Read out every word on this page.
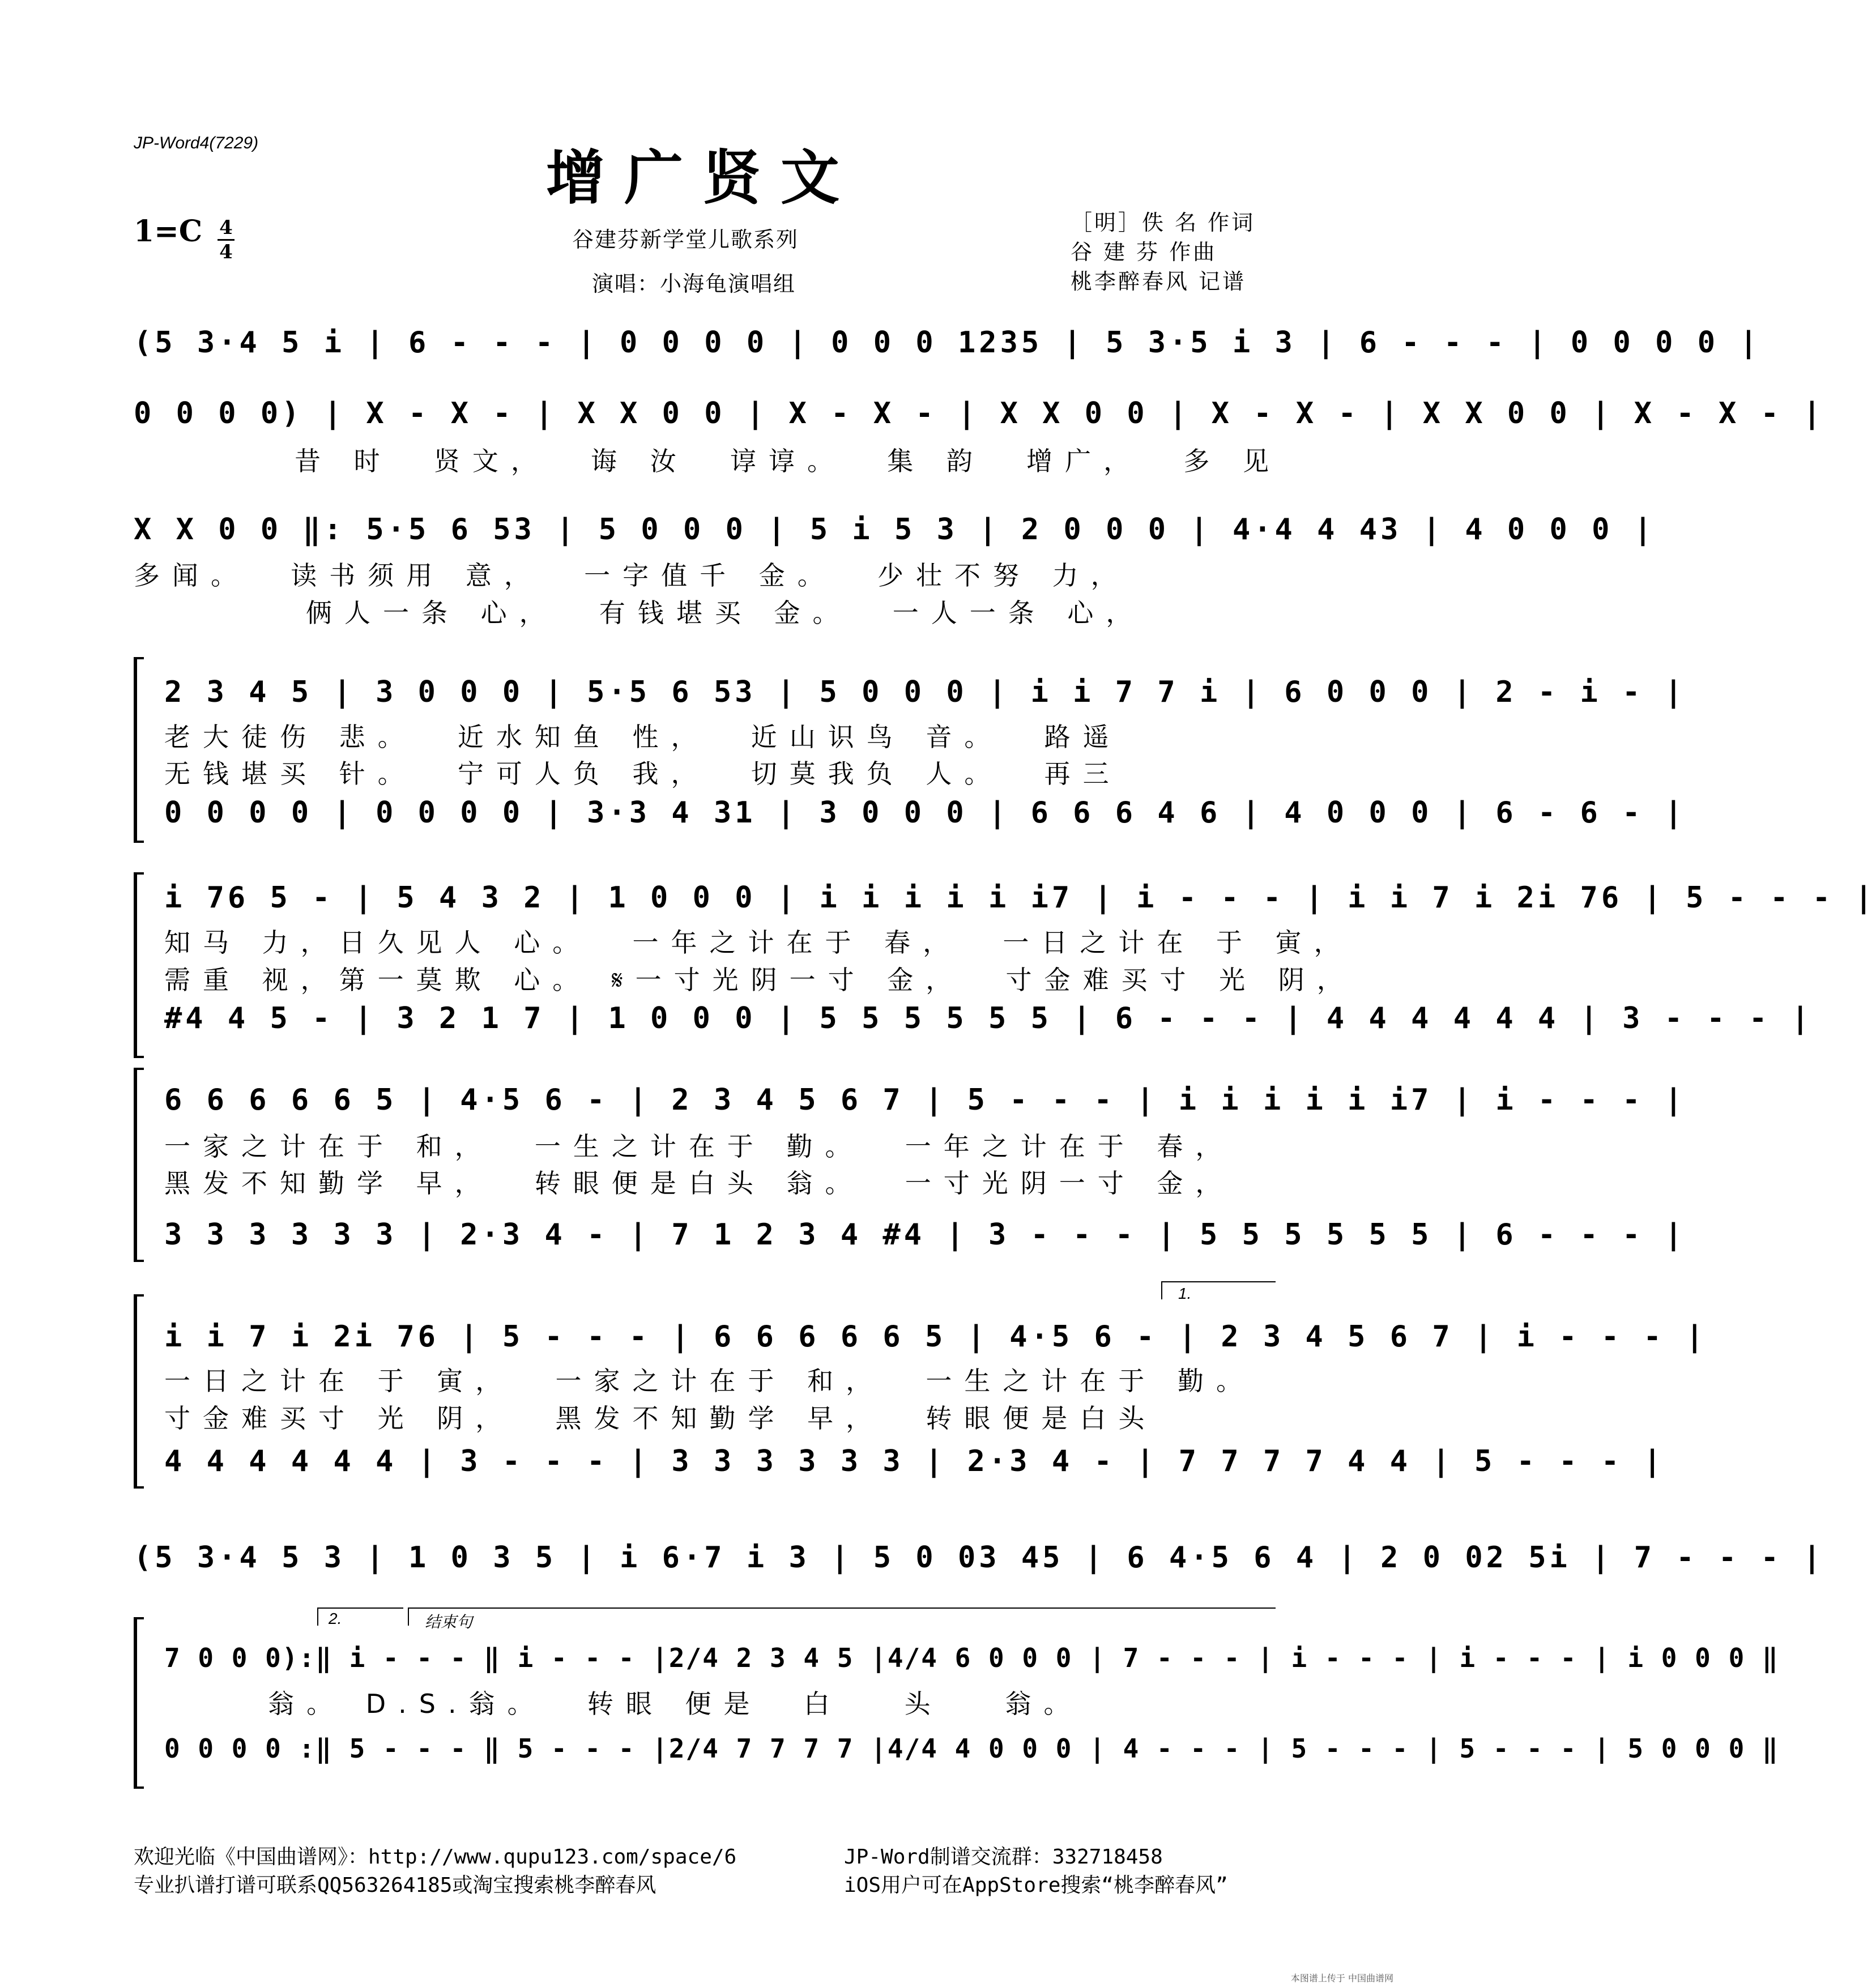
JP-Word4(7229)	增广贤文
1=C 4
4	谷建芬新学堂儿歌系列
演唱：小海龟演唱组
［明］佚 名 作词
谷 建 芬 作曲
桃李醉春风 记谱
(5 3·4 5 i | 6 - - - | 0 0 0 0 | 0 0 0 1235 | 5 3·5 i 3 | 6 - - - | 0 0 0 0 |
0 0 0 0) | X - X - | X X 0 0 | X - X - | X X 0 0 | X - X - | X X 0 0 | X - X - |
昔 时  贤文，  诲 汝  谆谆。  集 韵  增广，  多 见
X X 0 0 ‖: 5·5 6 53 | 5 0 0 0 | 5 i 5 3 | 2 0 0 0 | 4·4 4 43 | 4 0 0 0 |
多闻。  读书须用 意，  一字值千 金。  少壮不努 力，
俩人一条 心，  有钱堪买 金。  一人一条 心，
2 3 4 5 | 3 0 0 0 | 5·5 6 53 | 5 0 0 0 | i i 7 7 i | 6 0 0 0 | 2 - i - |
老大徒伤 悲。  近水知鱼 性，  近山识鸟 音。  路遥
无钱堪买 针。  宁可人负 我，  切莫我负 人。  再三
0 0 0 0 | 0 0 0 0 | 3·3 4 31 | 3 0 0 0 | 6 6 6 4 6 | 4 0 0 0 | 6 - 6 - |
i 76 5 - | 5 4 3 2 | 1 0 0 0 | i i i i i i7 | i - - - | i i 7 i 2i 76 | 5 - - - |
知马 力，日久见人 心。  一年之计在于 春，  一日之计在 于 寅，
需重 视，第一莫欺 心。 𝄋一寸光阴一寸 金，  寸金难买寸 光 阴，
#4 4 5 - | 3 2 1 7 | 1 0 0 0 | 5 5 5 5 5 5 | 6 - - - | 4 4 4 4 4 4 | 3 - - - |
6 6 6 6 6 5 | 4·5 6 - | 2 3 4 5 6 7 | 5 - - - | i i i i i i7 | i - - - |
一家之计在于 和，  一生之计在于 勤。  一年之计在于 春，
黑发不知勤学 早，  转眼便是白头 翁。  一寸光阴一寸 金，
3 3 3 3 3 3 | 2·3 4 - | 7 1 2 3 4 #4 | 3 - - - | 5 5 5 5 5 5 | 6 - - - |
1.
i i 7 i 2i 76 | 5 - - - | 6 6 6 6 6 5 | 4·5 6 - | 2 3 4 5 6 7 | i - - - |
一日之计在 于 寅，  一家之计在于 和，  一生之计在于 勤。
寸金难买寸 光 阴，  黑发不知勤学 早，  转眼便是白头
4 4 4 4 4 4 | 3 - - - | 3 3 3 3 3 3 | 2·3 4 - | 7 7 7 7 4 4 | 5 - - - |
(5 3·4 5 3 | 1 0 3 5 | i 6·7 i 3 | 5 0 03 45 | 6 4·5 6 4 | 2 0 02 5i | 7 - - - |
2.	结束句
7 0 0 0):‖ i - - - ‖ i - - - |2/4 2 3 4 5 |4/4 6 0 0 0 | 7 - - - | i - - - | i - - - | i 0 0 0 ‖
翁。 D.S.翁。  转眼 便是  白   头   翁。
0 0 0 0 :‖ 5 - - - ‖ 5 - - - |2/4 7 7 7 7 |4/4 4 0 0 0 | 4 - - - | 5 - - - | 5 - - - | 5 0 0 0 ‖
欢迎光临《中国曲谱网》：http://www.qupu123.com/space/6
专业扒谱打谱可联系QQ563264185或淘宝搜索桃李醉春风
JP-Word制谱交流群：332718458
iOS用户可在AppStore搜索“桃李醉春风”
本图谱上传于 中国曲谱网
